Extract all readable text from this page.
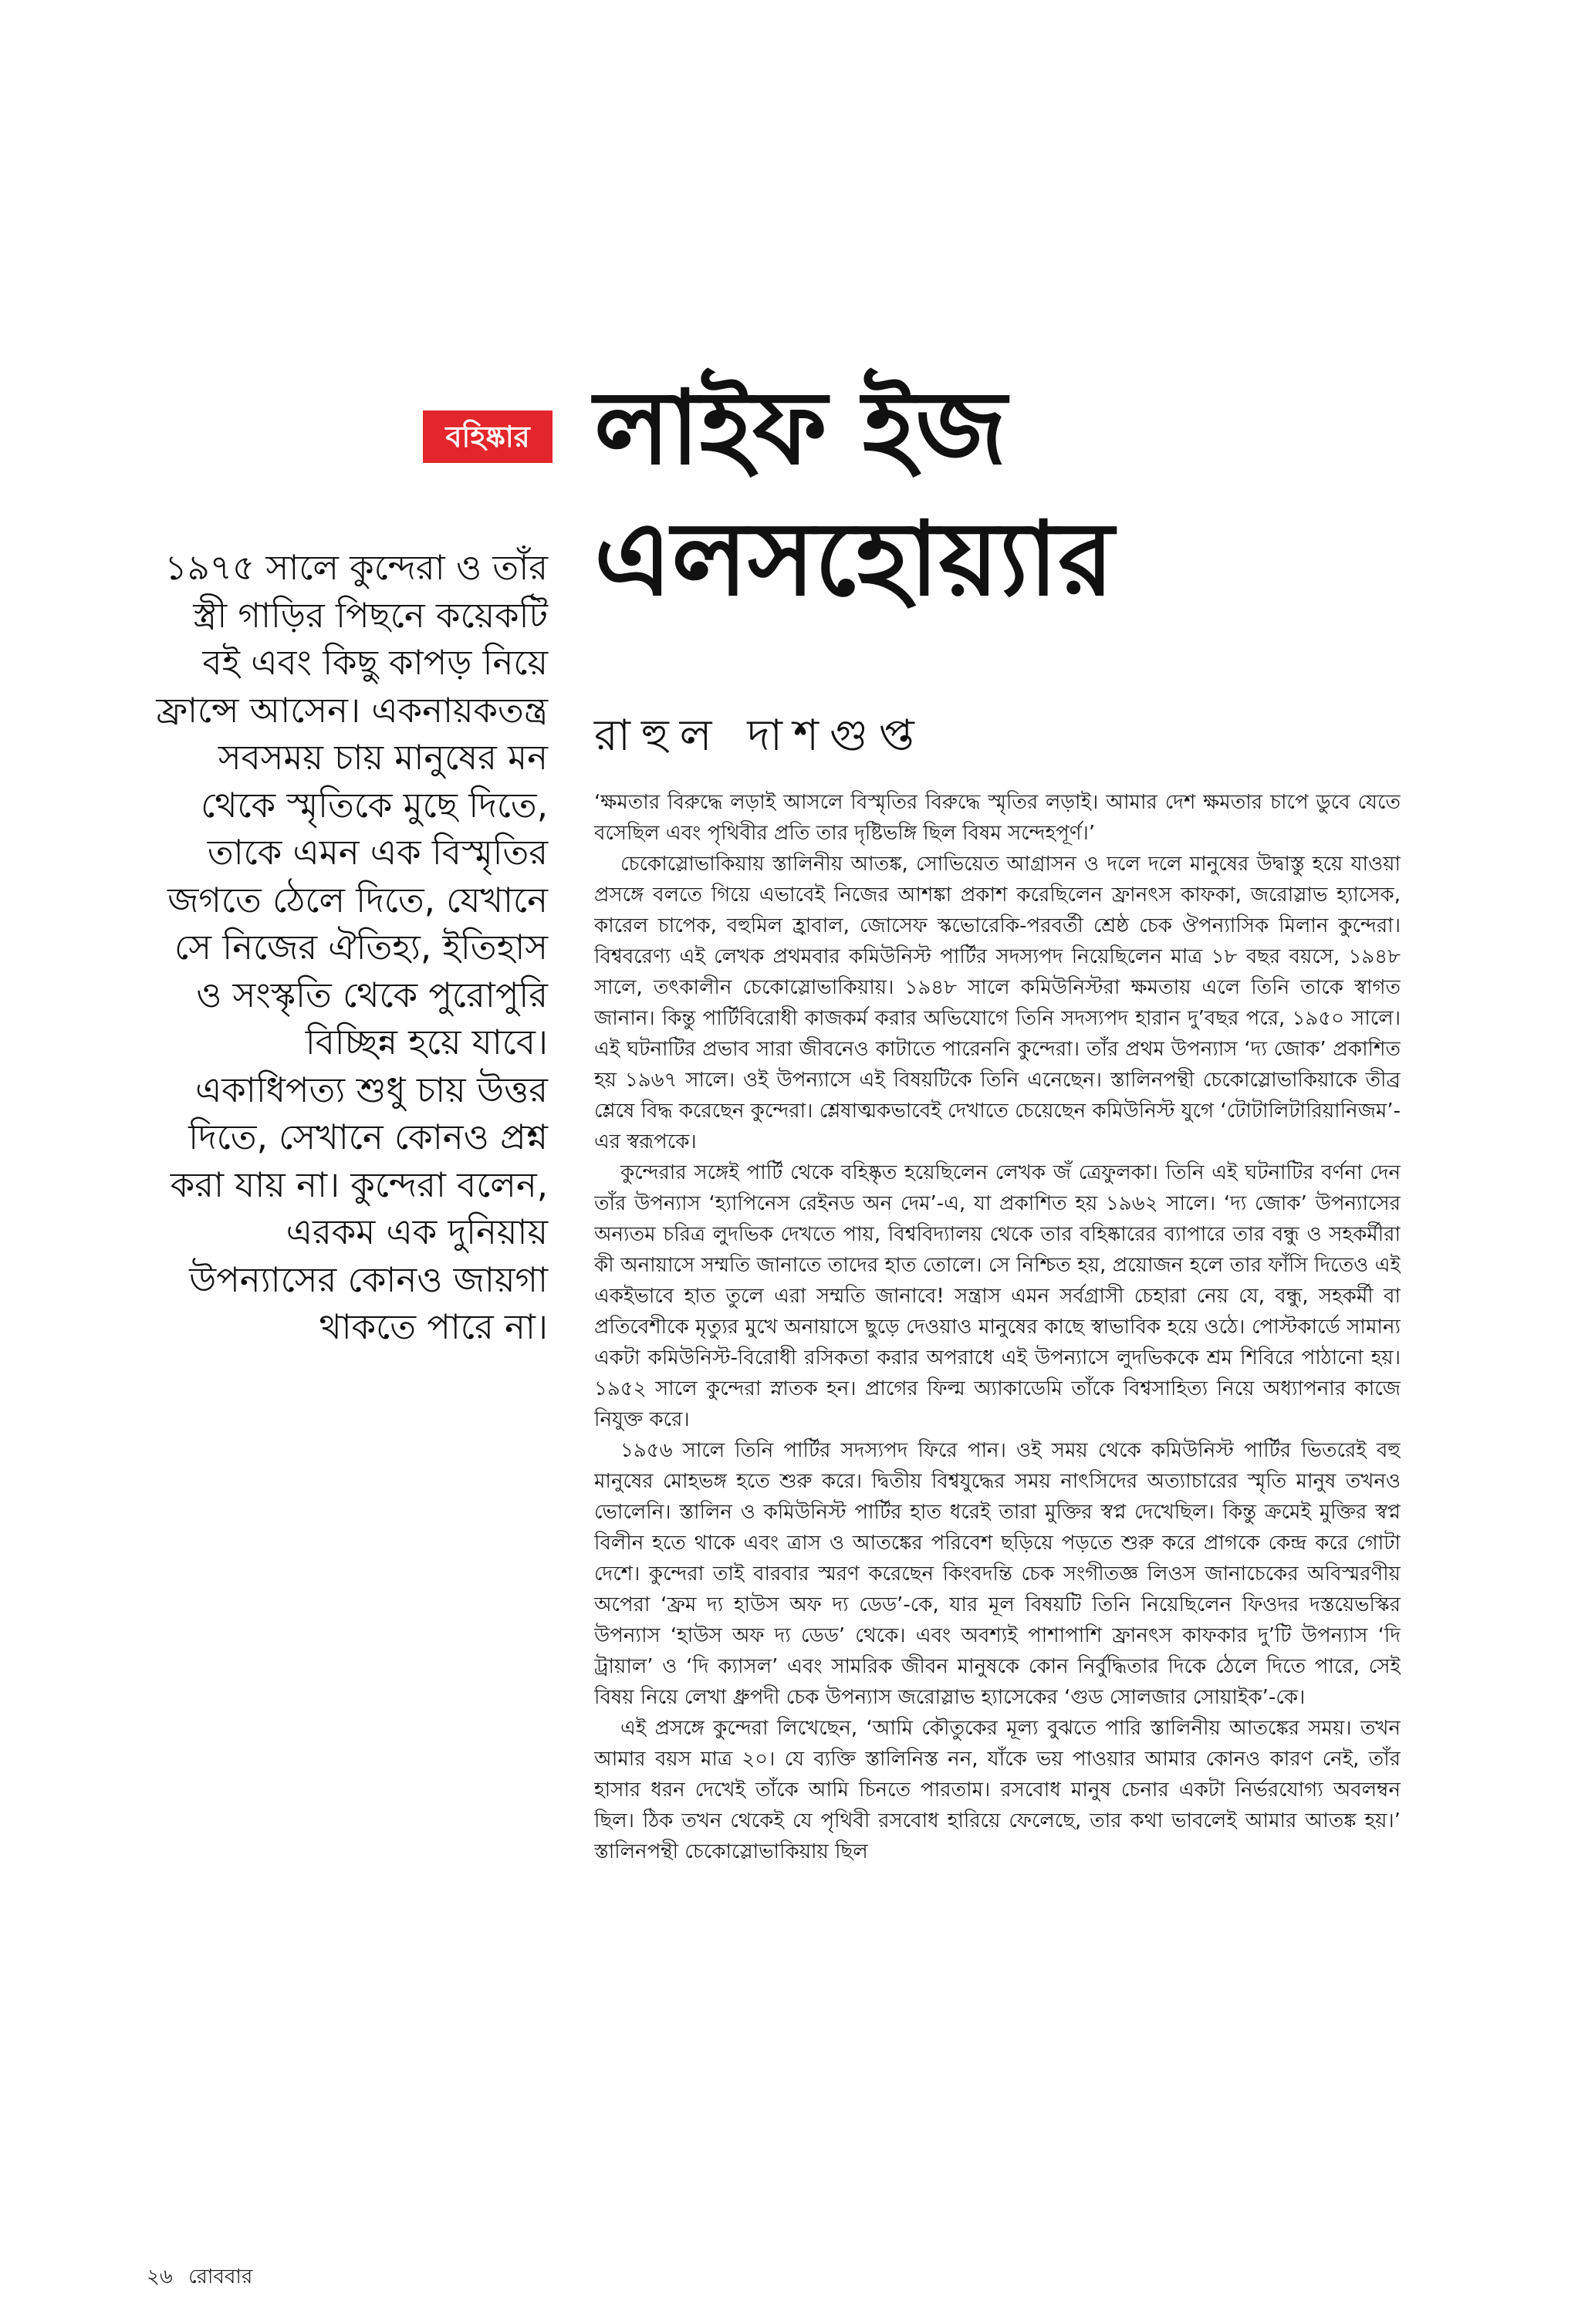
বহিষ্কার লাইফ ইজ এলসহোয়্যার
রাহুল দাশগুপ্ত
১৯৭৫ সালে কুন্দেরা ও তাঁর স্ত্রী গাড়ির পিছনে কয়েকটি বই এবং কিছু কাপড় নিয়ে ফ্রান্সে আসেন। একনায়কতন্ত্র সবসময় চায় মানুষের মন থেকে স্মৃতিকে মুছে দিতে, তাকে এমন এক বিস্মৃতির জগতে ঠেলে দিতে, যেখানে সে নিজের ঐতিহ্য, ইতিহাস ও সংস্কৃতি থেকে পুরোপুরি বিচ্ছিন্ন হয়ে যাবে। একাধিপত্য শুধু চায় উত্তর দিতে, সেখানে কোনও প্রশ্ন করা যায় না। কুন্দেরা বলেন, এরকম এক দুনিয়ায় উপন্যাসের কোনও জায়গা থাকতে পারে না।

‘ক্ষমতার বিরুদ্ধে লড়াই আসলে বিস্মৃতির বিরুদ্ধে স্মৃতির লড়াই। আমার দেশ ক্ষমতার চাপে ডুবে যেতে বসেছিল এবং পৃথিবীর প্রতি তার দৃষ্টিভঙ্গি ছিল বিষম সন্দেহপূর্ণ।’

চেকোস্লোভাকিয়ায় স্তালিনীয় আতঙ্ক, সোভিয়েত আগ্রাসন ও দলে দলে মানুষের উদ্বাস্তু হয়ে যাওয়া প্রসঙ্গে বলতে গিয়ে এভাবেই নিজের আশঙ্কা প্রকাশ করেছিলেন ফ্রানৎস কাফকা, জরোস্লাভ হ্যাসেক, কারেল চাপেক, বহুমিল হ্রাবাল, জোসেফ স্কভোরেকি-পরবর্তী শ্রেষ্ঠ চেক ঔপন্যাসিক মিলান কুন্দেরা। বিশ্ববরেণ্য এই লেখক প্রথমবার কমিউনিস্ট পার্টির সদস্যপদ নিয়েছিলেন মাত্র ১৮ বছর বয়সে, ১৯৪৮ সালে, তৎকালীন চেকোস্লোভাকিয়ায়। ১৯৪৮ সালে কমিউনিস্টরা ক্ষমতায় এলে তিনি তাকে স্বাগত জানান। কিন্তু পার্টিবিরোধী কাজকর্ম করার অভিযোগে তিনি সদস্যপদ হারান দু’বছর পরে, ১৯৫০ সালে। এই ঘটনাটির প্রভাব সারা জীবনেও কাটাতে পারেননি কুন্দেরা। তাঁর প্রথম উপন্যাস ‘দ্য জোক’ প্রকাশিত হয় ১৯৬৭ সালে। ওই উপন্যাসে এই বিষয়টিকে তিনি এনেছেন। স্তালিনপন্থী চেকোস্লোভাকিয়াকে তীব্র শ্লেষে বিদ্ধ করেছেন কুন্দেরা। শ্লেষাত্মকভাবেই দেখাতে চেয়েছেন কমিউনিস্ট যুগে ‘টোটালিটারিয়ানিজম’-এর স্বরূপকে।

কুন্দেরার সঙ্গেই পার্টি থেকে বহিষ্কৃত হয়েছিলেন লেখক জঁ ত্রেফুলকা। তিনি এই ঘটনাটির বর্ণনা দেন তাঁর উপন্যাস ‘হ্যাপিনেস রেইনড অন দেম’-এ, যা প্রকাশিত হয় ১৯৬২ সালে। ‘দ্য জোক’ উপন্যাসের অন্যতম চরিত্র লুদভিক দেখতে পায়, বিশ্ববিদ্যালয় থেকে তার বহিষ্কারের ব্যাপারে তার বন্ধু ও সহকর্মীরা কী অনায়াসে সম্মতি জানাতে তাদের হাত তোলে। সে নিশ্চিত হয়, প্রয়োজন হলে তার ফাঁসি দিতেও এই একইভাবে হাত তুলে এরা সম্মতি জানাবে! সন্ত্রাস এমন সর্বগ্রাসী চেহারা নেয় যে, বন্ধু, সহকর্মী বা প্রতিবেশীকে মৃত্যুর মুখে অনায়াসে ছুড়ে দেওয়াও মানুষের কাছে স্বাভাবিক হয়ে ওঠে। পোস্টকার্ডে সামান্য একটা কমিউনিস্ট-বিরোধী রসিকতা করার অপরাধে এই উপন্যাসে লুদভিককে শ্রম শিবিরে পাঠানো হয়। ১৯৫২ সালে কুন্দেরা স্নাতক হন। প্রাগের ফিল্ম অ্যাকাডেমি তাঁকে বিশ্বসাহিত্য নিয়ে অধ্যাপনার কাজে নিযুক্ত করে।

১৯৫৬ সালে তিনি পার্টির সদস্যপদ ফিরে পান। ওই সময় থেকে কমিউনিস্ট পার্টির ভিতরেই বহু মানুষের মোহভঙ্গ হতে শুরু করে। দ্বিতীয় বিশ্বযুদ্ধের সময় নাৎসিদের অত্যাচারের স্মৃতি মানুষ তখনও ভোলেনি। স্তালিন ও কমিউনিস্ট পার্টির হাত ধরেই তারা মুক্তির স্বপ্ন দেখেছিল। কিন্তু ক্রমেই মুক্তির স্বপ্ন বিলীন হতে থাকে এবং ত্রাস ও আতঙ্কের পরিবেশ ছড়িয়ে পড়তে শুরু করে প্রাগকে কেন্দ্র করে গোটা দেশে। কুন্দেরা তাই বারবার স্মরণ করেছেন কিংবদন্তি চেক সংগীতজ্ঞ লিওস জানাচেকের অবিস্মরণীয় অপেরা ‘ফ্রম দ্য হাউস অফ দ্য ডেড’-কে, যার মূল বিষয়টি তিনি নিয়েছিলেন ফিওদর দস্তয়েভস্কির উপন্যাস ‘হাউস অফ দ্য ডেড’ থেকে। এবং অবশ্যই পাশাপাশি ফ্রানৎস কাফকার দু’টি উপন্যাস ‘দি ট্রায়াল’ ও ‘দি ক্যাসল’ এবং সামরিক জীবন মানুষকে কোন নির্বুদ্ধিতার দিকে ঠেলে দিতে পারে, সেই বিষয় নিয়ে লেখা ধ্রুপদী চেক উপন্যাস জরোস্লাভ হ্যাসেকের ‘গুড সোলজার সোয়াইক’-কে।

এই প্রসঙ্গে কুন্দেরা লিখেছেন, ‘আমি কৌতুকের মূল্য বুঝতে পারি স্তালিনীয় আতঙ্কের সময়। তখন আমার বয়স মাত্র ২০। যে ব্যক্তি স্তালিনিস্ত নন, যাঁকে ভয় পাওয়ার আমার কোনও কারণ নেই, তাঁর হাসার ধরন দেখেই তাঁকে আমি চিনতে পারতাম। রসবোধ মানুষ চেনার একটা নির্ভরযোগ্য অবলম্বন ছিল। ঠিক তখন থেকেই যে পৃথিবী রসবোধ হারিয়ে ফেলেছে, তার কথা ভাবলেই আমার আতঙ্ক হয়।’ স্তালিনপন্থী চেকোস্লোভাকিয়ায় ছিল

২৬ রোববার
